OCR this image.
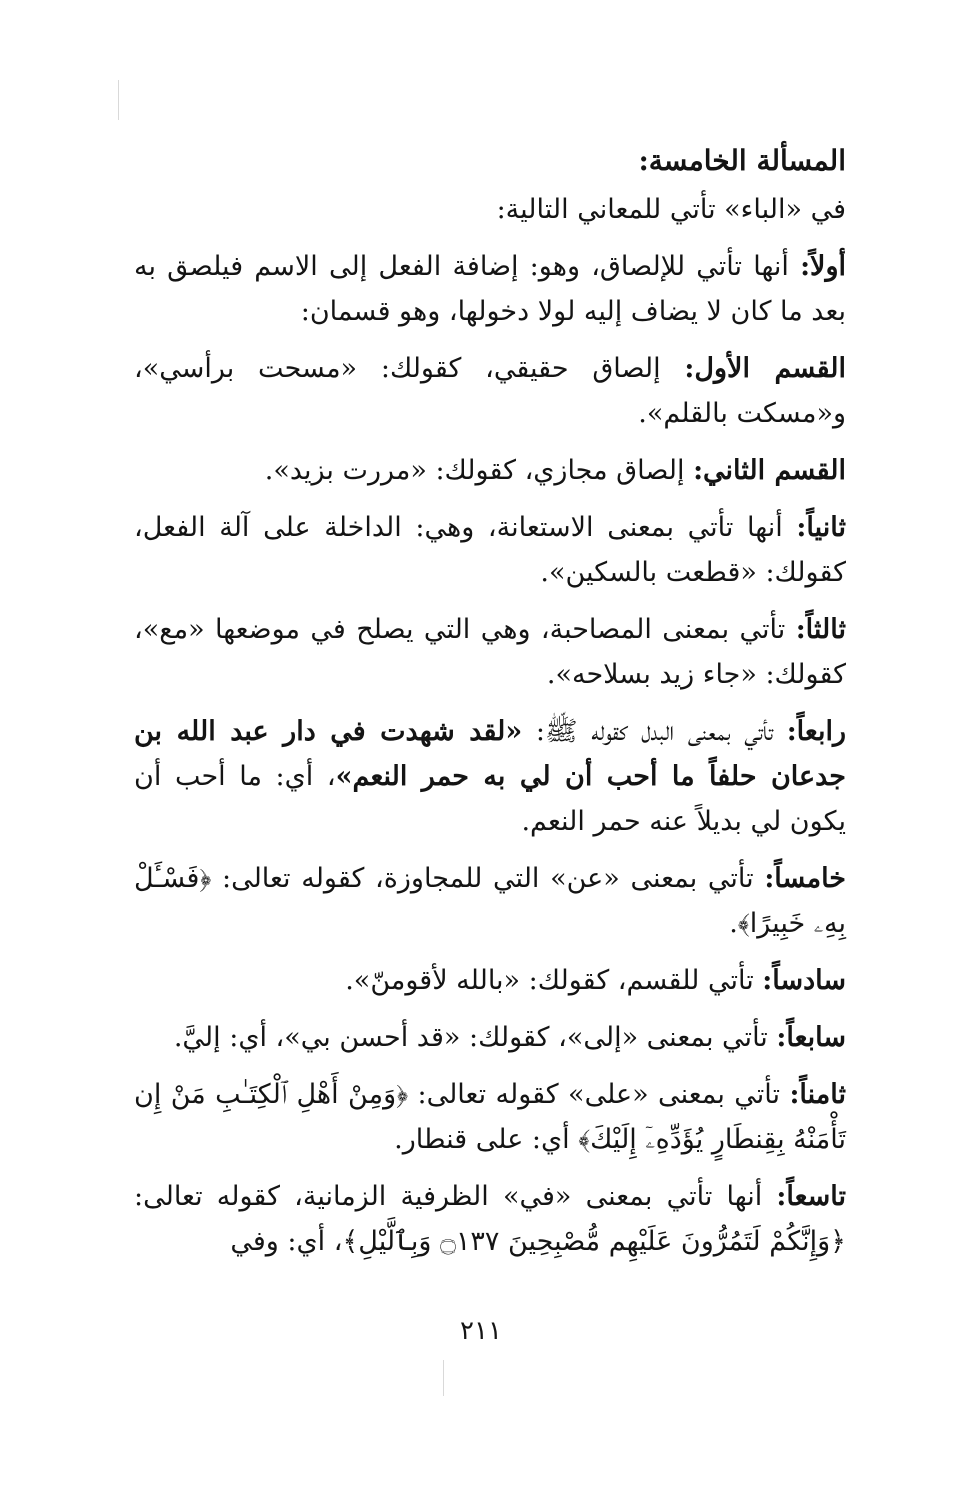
المسألة الخامسة:

في «الباء» تأتي للمعاني التالية:

أولاً: أنها تأتي للإلصاق، وهو: إضافة الفعل إلى الاسم فيلصق به بعد ما كان لا يضاف إليه لولا دخولها، وهو قسمان:

القسم الأول: إلصاق حقيقي، كقولك: «مسحت برأسي»، و«مسكت بالقلم».

القسم الثاني: إلصاق مجازي، كقولك: «مررت بزيد».

ثانياً: أنها تأتي بمعنى الاستعانة، وهي: الداخلة على آلة الفعل، كقولك: «قطعت بالسكين».

ثالثاً: تأتي بمعنى المصاحبة، وهي التي يصلح في موضعها «مع»، كقولك: «جاء زيد بسلاحه».

رابعاً: تأتي بمعنى البدل كقوله ﷺ: «لقد شهدت في دار عبد الله بن جدعان حلفاً ما أحب أن لي به حمر النعم»، أي: ما أحب أن يكون لي بديلاً عنه حمر النعم.

خامساً: تأتي بمعنى «عن» التي للمجاوزة، كقوله تعالى: ﴿فَسْـَٔلْ بِهِۦ خَبِيرًا﴾.

سادساً: تأتي للقسم، كقولك: «بالله لأقومنّ».

سابعاً: تأتي بمعنى «إلى»، كقولك: «قد أحسن بي»، أي: إليَّ.

ثامناً: تأتي بمعنى «على» كقوله تعالى: ﴿وَمِنْ أَهْلِ ٱلْكِتَـٰبِ مَنْ إِن تَأْمَنْهُ بِقِنطَارٍ يُؤَدِّهِۦٓ إِلَيْكَ﴾ أي: على قنطار.

تاسعاً: أنها تأتي بمعنى «في» الظرفية الزمانية، كقوله تعالى: ﴿وَإِنَّكُمْ لَتَمُرُّونَ عَلَيْهِم مُّصْبِحِينَ ۝١٣٧ وَبِٱلَّيْلِ﴾، أي: وفي

٢١١
